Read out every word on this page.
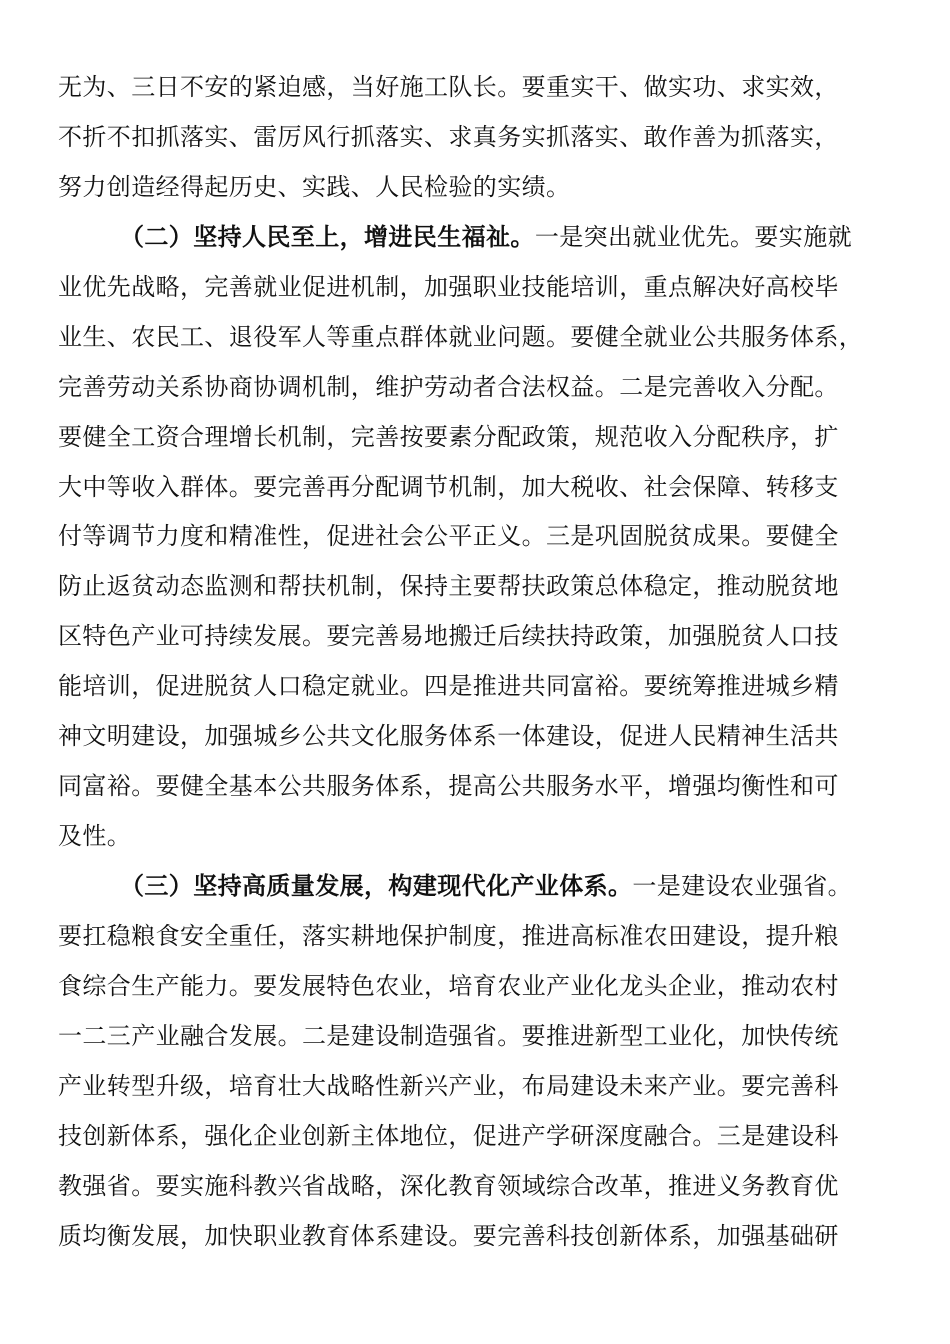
无为、三日不安的紧迫感，当好施工队长。要重实干、做实功、求实效，
不折不扣抓落实、雷厉风行抓落实、求真务实抓落实、敢作善为抓落实，
努力创造经得起历史、实践、人民检验的实绩。
（二）坚持人民至上，增进民生福祉。一是突出就业优先。要实施就
业优先战略，完善就业促进机制，加强职业技能培训，重点解决好高校毕
业生、农民工、退役军人等重点群体就业问题。要健全就业公共服务体系，
完善劳动关系协商协调机制，维护劳动者合法权益。二是完善收入分配。
要健全工资合理增长机制，完善按要素分配政策，规范收入分配秩序，扩
大中等收入群体。要完善再分配调节机制，加大税收、社会保障、转移支
付等调节力度和精准性，促进社会公平正义。三是巩固脱贫成果。要健全
防止返贫动态监测和帮扶机制，保持主要帮扶政策总体稳定，推动脱贫地
区特色产业可持续发展。要完善易地搬迁后续扶持政策，加强脱贫人口技
能培训，促进脱贫人口稳定就业。四是推进共同富裕。要统筹推进城乡精
神文明建设，加强城乡公共文化服务体系一体建设，促进人民精神生活共
同富裕。要健全基本公共服务体系，提高公共服务水平，增强均衡性和可
及性。
（三）坚持高质量发展，构建现代化产业体系。一是建设农业强省。
要扛稳粮食安全重任，落实耕地保护制度，推进高标准农田建设，提升粮
食综合生产能力。要发展特色农业，培育农业产业化龙头企业，推动农村
一二三产业融合发展。二是建设制造强省。要推进新型工业化，加快传统
产业转型升级，培育壮大战略性新兴产业，布局建设未来产业。要完善科
技创新体系，强化企业创新主体地位，促进产学研深度融合。三是建设科
教强省。要实施科教兴省战略，深化教育领域综合改革，推进义务教育优
质均衡发展，加快职业教育体系建设。要完善科技创新体系，加强基础研
